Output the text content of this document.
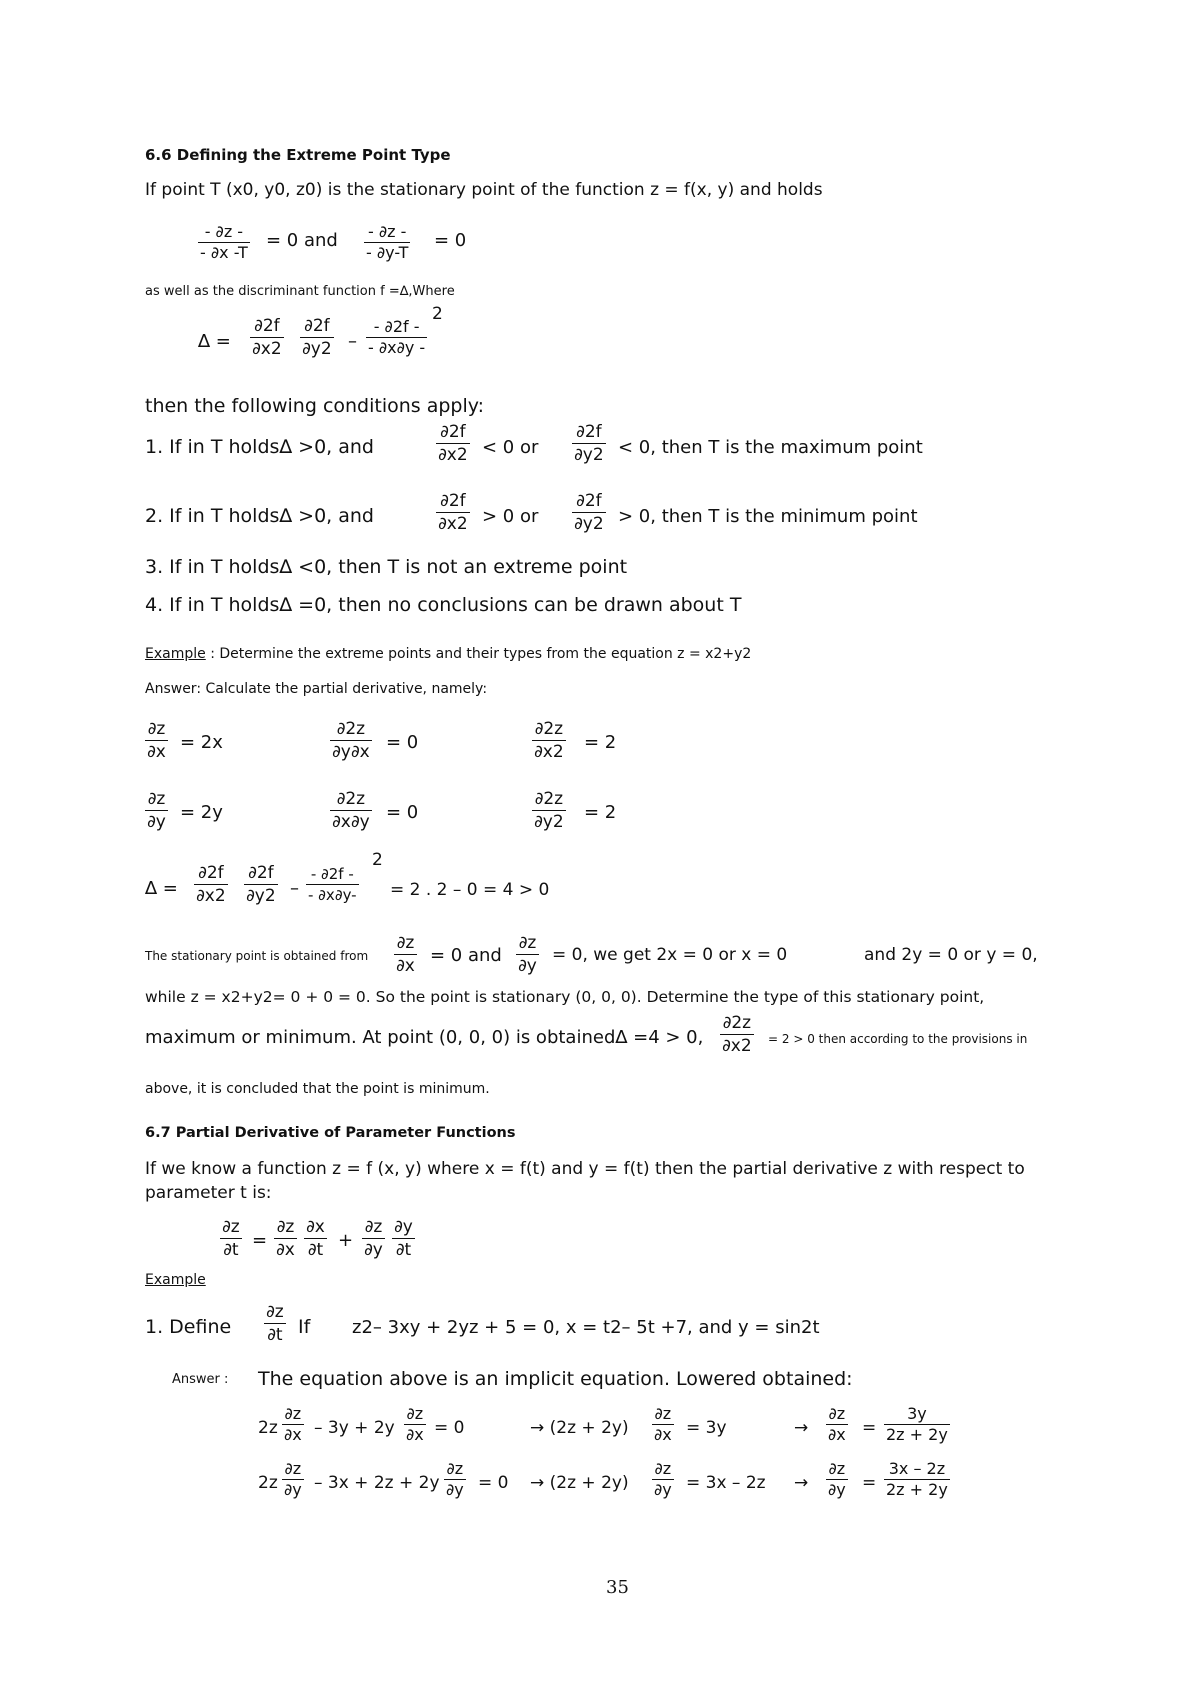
6.6 Defining the Extreme Point Type
If point T (x0, y0, z0) is the stationary point of the function z = f(x, y) and holds
$\frac{- \partial z -}{- \partial x -T} = 0$ and $\frac{- \partial z -}{- \partial y-T} = 0$
as well as the discriminant function f =∆,Where
∆ = $\frac{\partial 2f}{\partial x2} \frac{\partial 2f}{\partial y2} - \frac{- \partial 2f -}{- \partial x\partial y -}$
2
then the following conditions apply:
1. If in T holds∆ >0, and	$\frac{\partial 2f}{\partial x2} < 0$ or $\frac{\partial 2f}{\partial y2} < 0$, then T is the maximum point
2. If in T holds∆ >0, and	$\frac{\partial 2f}{\partial x2} > 0$ or $\frac{\partial 2f}{\partial y2} > 0$, then T is the minimum point
3. If in T holds∆ <0, then T is not an extreme point
4. If in T holds∆ =0, then no conclusions can be drawn about T
Example : Determine the extreme points and their types from the equation z = x2+y2
Answer: Calculate the partial derivative, namely:
$\frac{\partial z}{\partial x} = 2x$	$\frac{\partial 2z}{\partial y\partial x} = 0$	$\frac{\partial 2z}{\partial x2} = 2$
$\frac{\partial z}{\partial y} = 2y$	$\frac{\partial 2z}{\partial x\partial y} = 0$	$\frac{\partial 2z}{\partial y2} = 2$
∆ = $\frac{\partial 2f}{\partial x2} \frac{\partial 2f}{\partial y2} - \frac{- \partial 2f -}{- \partial x\partial y-}$
2
= 2 . 2 – 0 = 4 > 0
The stationary point is obtained from $\frac{\partial z}{\partial x} = 0$ and $\frac{\partial z}{\partial y} = 0$, we get 2x = 0 or x = 0	and 2y = 0 or y = 0,
while z = x2+y2= 0 + 0 = 0. So the point is stationary (0, 0, 0). Determine the type of this stationary point,
maximum or minimum. At point (0, 0, 0) is obtained∆ =4 > 0, $\frac{\partial 2z}{\partial x2} = 2 > 0$ then according to the provisions in
above, it is concluded that the point is minimum.
6.7 Partial Derivative of Parameter Functions
If we know a function z = f (x, y) where x = f(t) and y = f(t) then the partial derivative z with respect to
parameter t is:
$\frac{\partial z}{\partial t} = \frac{\partial z}{\partial x} \frac{\partial x}{\partial t} + \frac{\partial z}{\partial y} \frac{\partial y}{\partial t}$
Example
1. Define $\frac{\partial z}{\partial t}$ If z2– 3xy + 2yz + 5 = 0, x = t2– 5t +7, and y = sin2t
Answer : The equation above is an implicit equation. Lowered obtained:
$2z \frac{\partial z}{\partial x} - 3y + 2y \frac{\partial z}{\partial x} = 0$	→ $(2z + 2y) \frac{\partial z}{\partial x} = 3y$	→ $\frac{\partial z}{\partial x} = \frac{3y}{2z + 2y}$
$2z \frac{\partial z}{\partial y} - 3x + 2z + 2y \frac{\partial z}{\partial y} = 0 \to (2z + 2y) \frac{\partial z}{\partial y} = 3x - 2z \to \frac{\partial z}{\partial y} = \frac{3x - 2z}{2z + 2y}$
35
